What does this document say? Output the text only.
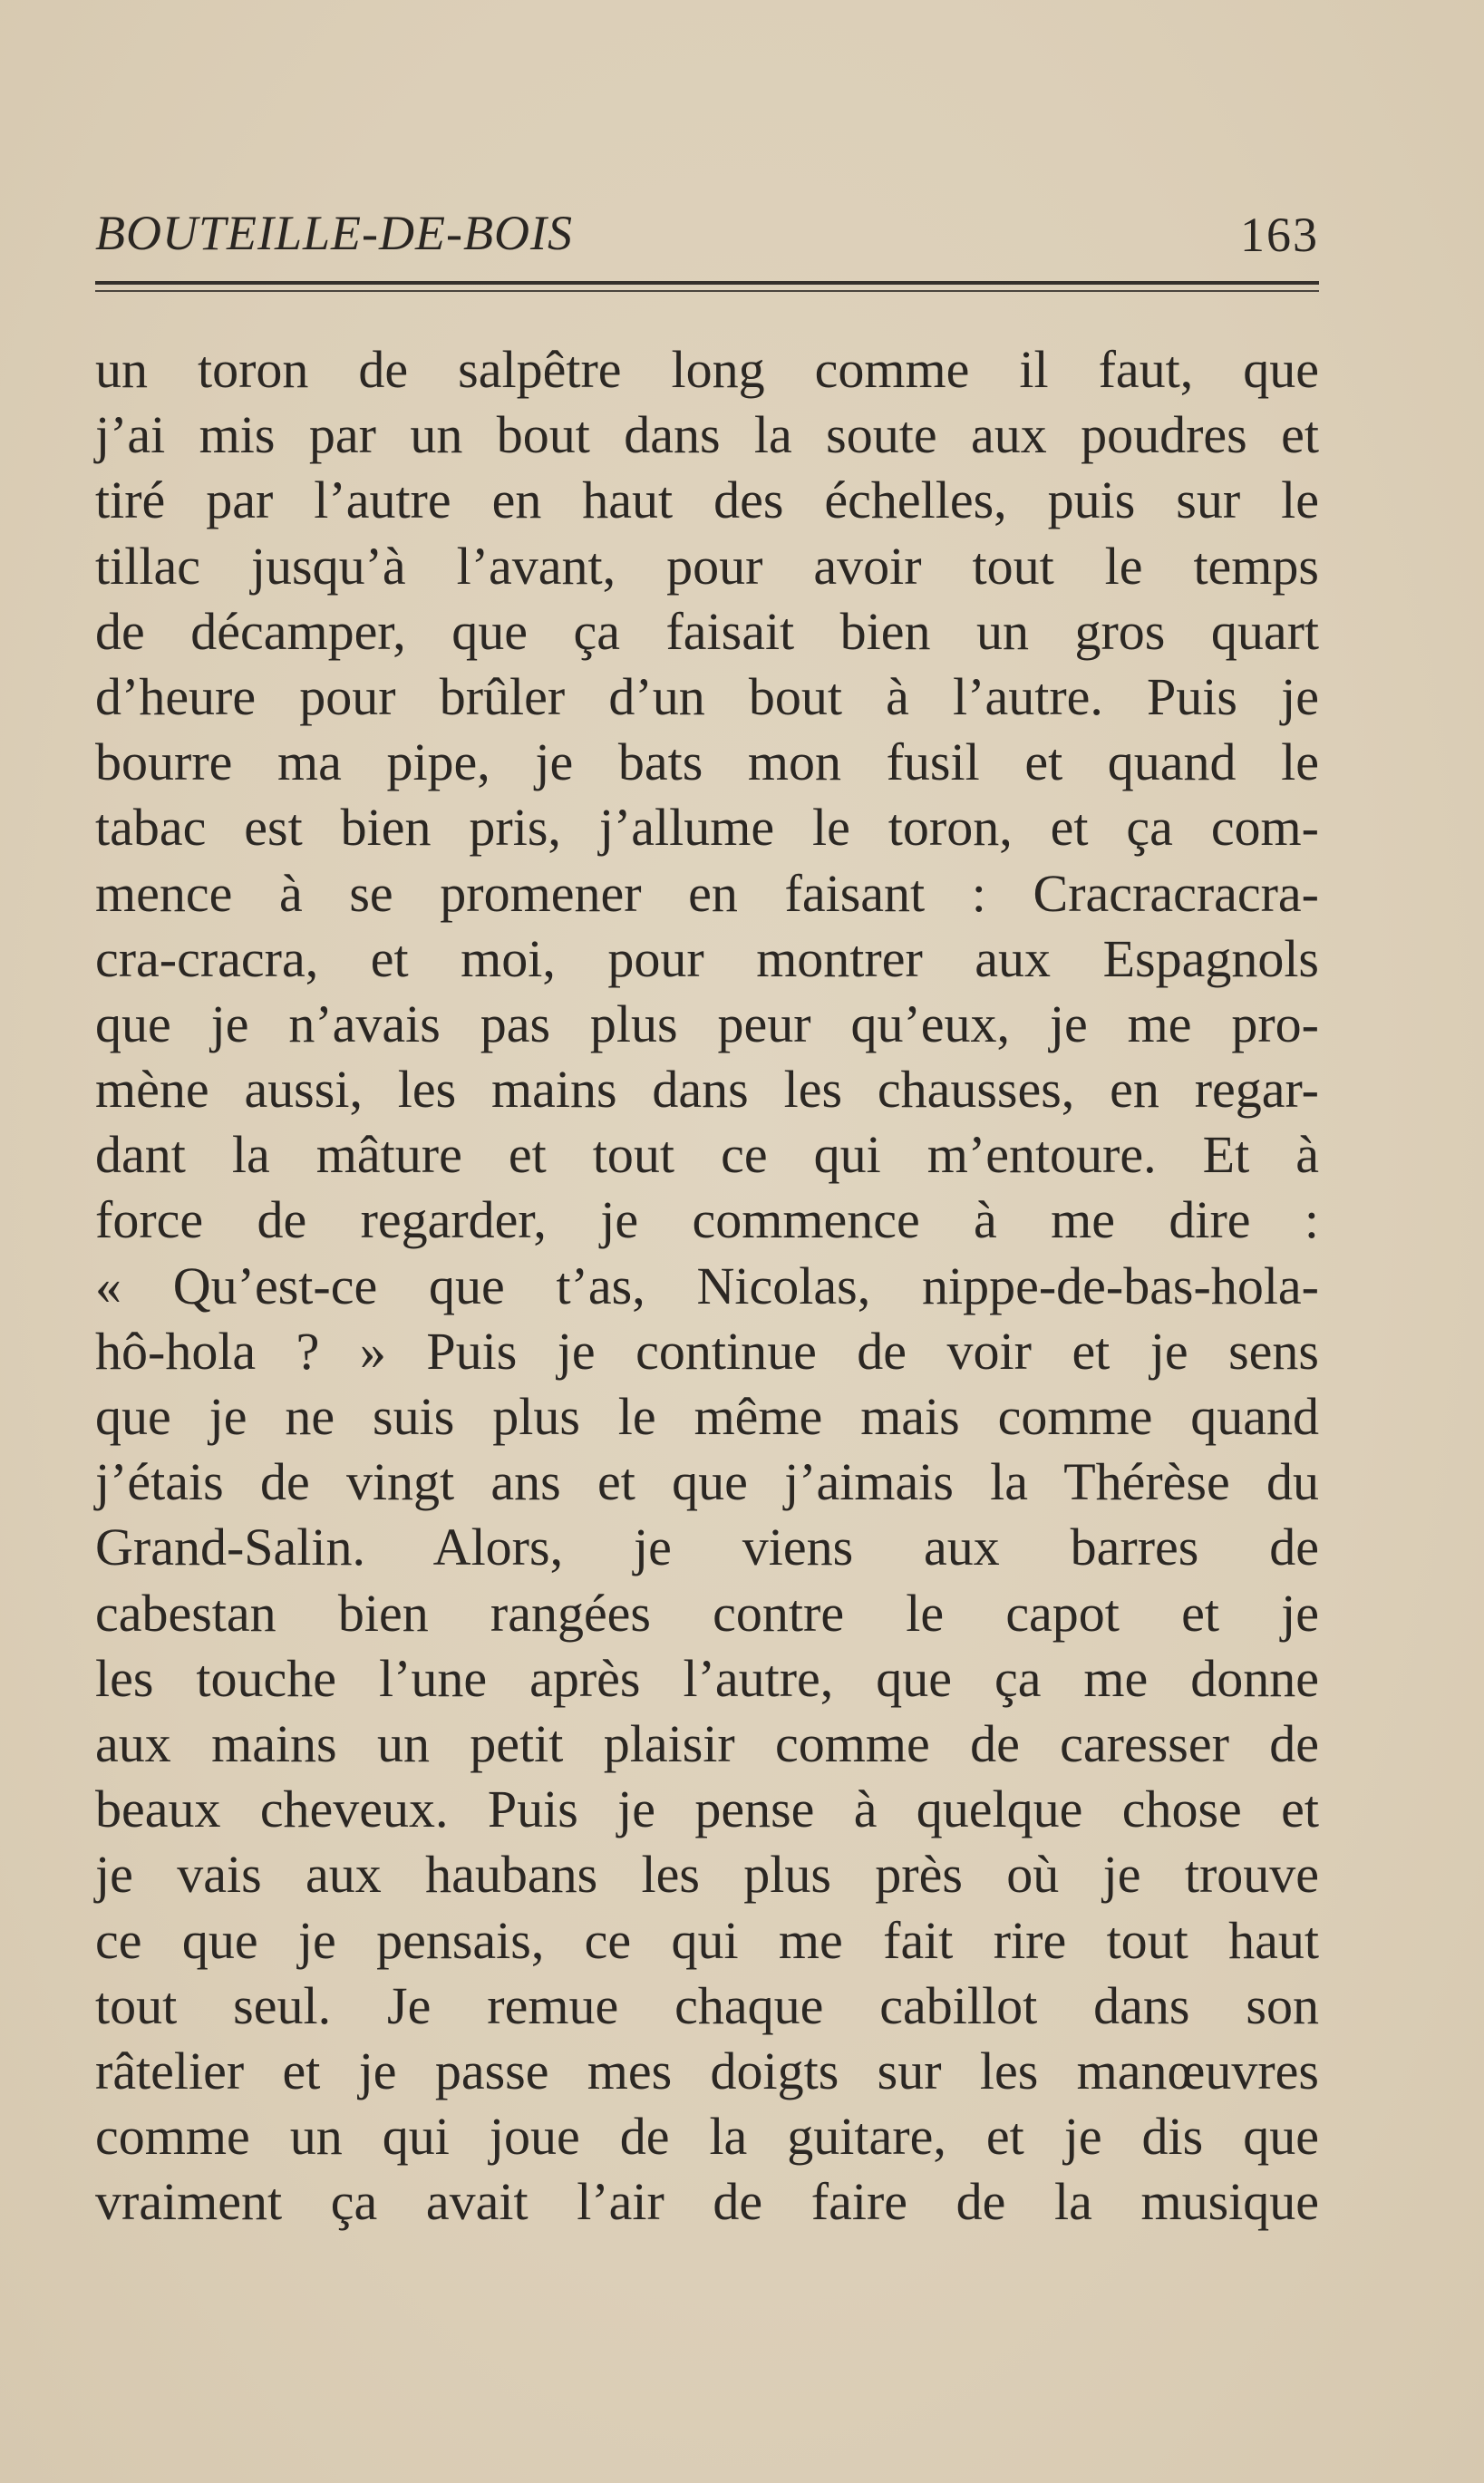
BOUTEILLE-DE-BOIS	163
un toron de salpêtre long comme il faut, que
j’ai mis par un bout dans la soute aux poudres et
tiré par l’autre en haut des échelles, puis sur le
tillac jusqu’à l’avant, pour avoir tout le temps
de décamper, que ça faisait bien un gros quart
d’heure pour brûler d’un bout à l’autre. Puis je
bourre ma pipe, je bats mon fusil et quand le
tabac est bien pris, j’allume le toron, et ça com-
mence à se promener en faisant : Cracracracra-
cra-cracra, et moi, pour montrer aux Espagnols
que je n’avais pas plus peur qu’eux, je me pro-
mène aussi, les mains dans les chausses, en regar-
dant la mâture et tout ce qui m’entoure. Et à
force de regarder, je commence à me dire :
« Qu’est-ce que t’as, Nicolas, nippe-de-bas-hola-
hô-hola ? » Puis je continue de voir et je sens
que je ne suis plus le même mais comme quand
j’étais de vingt ans et que j’aimais la Thérèse du
Grand-Salin. Alors, je viens aux barres de
cabestan bien rangées contre le capot et je
les touche l’une après l’autre, que ça me donne
aux mains un petit plaisir comme de caresser de
beaux cheveux. Puis je pense à quelque chose et
je vais aux haubans les plus près où je trouve
ce que je pensais, ce qui me fait rire tout haut
tout seul. Je remue chaque cabillot dans son
râtelier et je passe mes doigts sur les manœuvres
comme un qui joue de la guitare, et je dis que
vraiment ça avait l’air de faire de la musique
